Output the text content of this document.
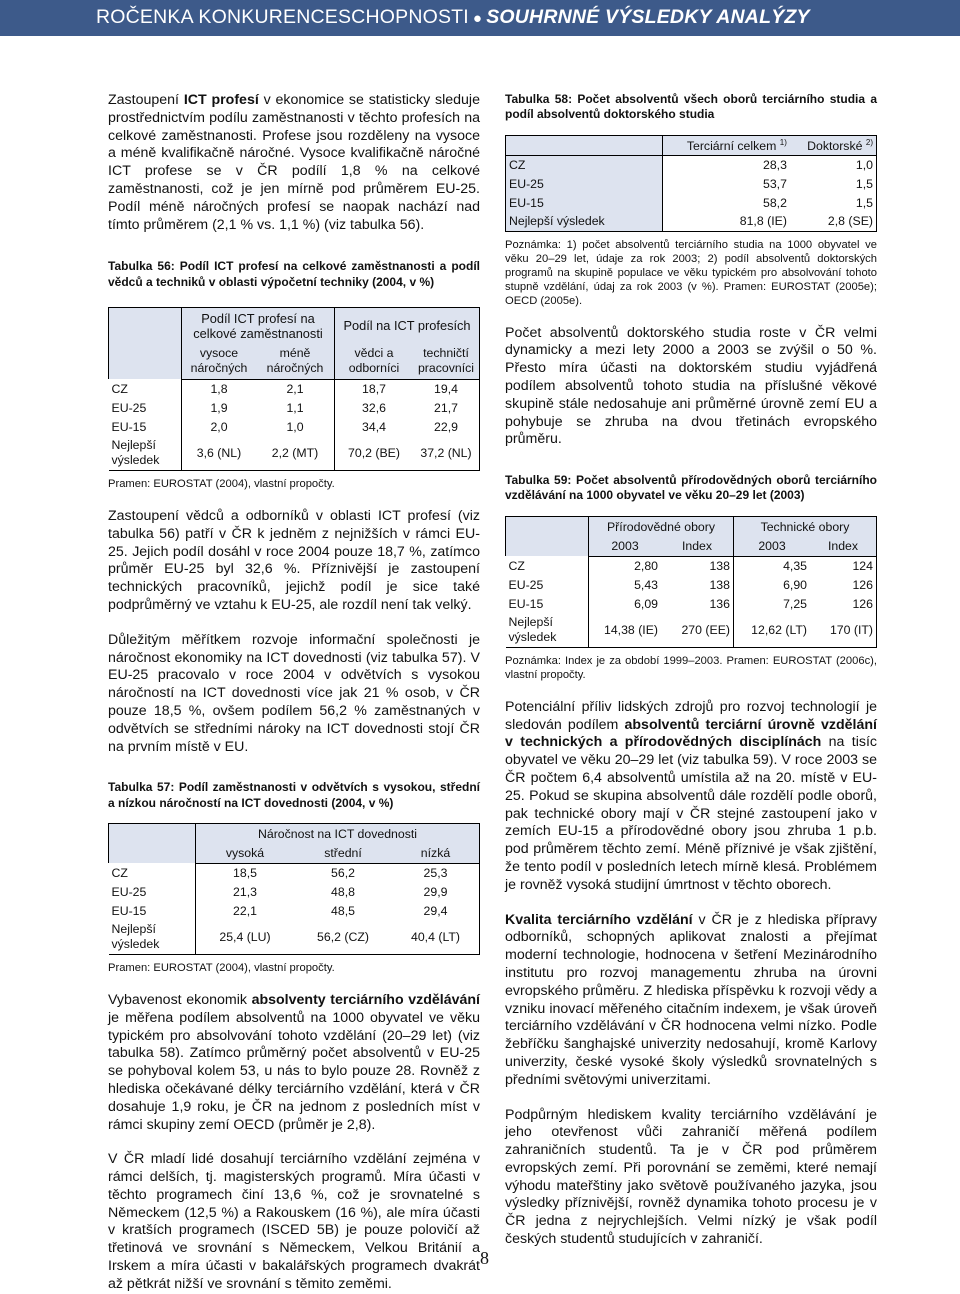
ROČENKA KONKURENCESCHOPNOSTI ● SOUHRNNÉ VÝSLEDKY ANALÝZY

Zastoupení ICT profesí v ekonomice se statisticky sleduje prostřednictvím podílu zaměstnanosti v těchto profesích na celkové zaměstnanosti. Profese jsou rozděleny na vysoce a méně kvalifikačně náročné. Vysoce kvalifikačně náročné ICT profese se v ČR podílí 1,8 % na celkové zaměstnanosti, což je jen mírně pod průměrem EU-25. Podíl méně náročných profesí se naopak nachází nad tímto průměrem (2,1 % vs. 1,1 %) (viz tabulka 56).

Tabulka 56: Podíl ICT profesí na celkové zaměstnanosti a podíl vědců a techniků v oblasti výpočetní techniky (2004, v %)

	Podíl ICT profesí na celkové zaměstnanosti		Podíl na ICT profesích	
	vysoce náročných	méně náročných	vědci a odborníci	techničtí pracovníci
CZ	1,8	2,1	18,7	19,4
EU-25	1,9	1,1	32,6	21,7
EU-15	2,0	1,0	34,4	22,9
Nejlepší výsledek	3,6 (NL)	2,2 (MT)	70,2 (BE)	37,2 (NL)

Pramen: EUROSTAT (2004), vlastní propočty.

Zastoupení vědců a odborníků v oblasti ICT profesí (viz tabulka 56) patří v ČR k jedněm z nejnižších v rámci EU-25. Jejich podíl dosáhl v roce 2004 pouze 18,7 %, zatímco průměr EU-25 byl 32,6 %. Příznivější je zastoupení technických pracovníků, jejichž podíl je sice také podprůměrný ve vztahu k EU-25, ale rozdíl není tak velký.

Důležitým měřítkem rozvoje informační společnosti je náročnost ekonomiky na ICT dovednosti (viz tabulka 57). V EU-25 pracovalo v roce 2004 v odvětvích s vysokou náročností na ICT dovednosti více jak 21 % osob, v ČR pouze 18,5 %, ovšem podílem 56,2 % zaměstnaných v odvětvích se středními nároky na ICT dovednosti stojí ČR na prvním místě v EU.

Tabulka 57: Podíl zaměstnanosti v odvětvích s vysokou, střední a nízkou náročností na ICT dovednosti (2004, v %)

	Náročnost na ICT dovednosti		
	vysoká	střední	nízká
CZ	18,5	56,2	25,3
EU-25	21,3	48,8	29,9
EU-15	22,1	48,5	29,4
Nejlepší výsledek	25,4 (LU)	56,2 (CZ)	40,4 (LT)

Pramen: EUROSTAT (2004), vlastní propočty.

Vybavenost ekonomik absolventy terciárního vzdělávání je měřena podílem absolventů na 1000 obyvatel ve věku typickém pro absolvování tohoto vzdělání (20–29 let) (viz tabulka 58). Zatímco průměrný počet absolventů v EU-25 se pohyboval kolem 53, u nás to bylo pouze 28. Rovněž z hlediska očekávané délky terciárního vzdělání, která v ČR dosahuje 1,9 roku, je ČR na jednom z posledních míst v rámci skupiny zemí OECD (průměr je 2,8).

V ČR mladí lidé dosahují terciárního vzdělání zejména v rámci delších, tj. magisterských programů. Míra účasti v těchto programech činí 13,6 %, což je srovnatelné s Německem (12,5 %) a Rakouskem (16 %), ale míra účasti v kratších programech (ISCED 5B) je pouze polovičí až třetinová ve srovnání s Německem, Velkou Británií a Irskem a míra účasti v bakalářských programech dvakrát až pětkrát nižší ve srovnání s těmito zeměmi.

Tabulka 58: Počet absolventů všech oborů terciárního studia a podíl absolventů doktorského studia

	Terciární celkem $^{1)}$	Doktorské $^{2)}$
CZ	28,3	1,0
EU-25	53,7	1,5
EU-15	58,2	1,5
Nejlepší výsledek	81,8 (IE)	2,8 (SE)

Poznámka: 1) počet absolventů terciárního studia na 1000 obyvatel ve věku 20–29 let, údaje za rok 2003; 2) podíl absolventů doktorských programů na skupině populace ve věku typickém pro absolvování tohoto stupně vzdělání, údaj za rok 2003 (v %). Pramen: EUROSTAT (2005e); OECD (2005e).

Počet absolventů doktorského studia roste v ČR velmi dynamicky a mezi lety 2000 a 2003 se zvýšil o 50 %. Přesto míra účasti na doktorském studiu vyjádřená podílem absolventů tohoto studia na příslušné věkové skupině stále nedosahuje ani průměrné úrovně zemí EU a pohybuje se zhruba na dvou třetinách evropského průměru.

Tabulka 59: Počet absolventů přírodovědných oborů terciárního vzdělávání na 1000 obyvatel ve věku 20–29 let (2003)

	Přírodovědné obory		Technické obory	
	2003	Index	2003	Index
CZ	2,80	138	4,35	124
EU-25	5,43	138	6,90	126
EU-15	6,09	136	7,25	126
Nejlepší výsledek	14,38 (IE)	270 (EE)	12,62 (LT)	170 (IT)

Poznámka: Index je za období 1999–2003. Pramen: EUROSTAT (2006c), vlastní propočty.

Potenciální příliv lidských zdrojů pro rozvoj technologií je sledován podílem absolventů terciární úrovně vzdělání v technických a přírodovědných disciplínách na tisíc obyvatel ve věku 20–29 let (viz tabulka 59). V roce 2003 se ČR počtem 6,4 absolventů umístila až na 20. místě v EU-25. Pokud se skupina absolventů dále rozdělí podle oborů, pak technické obory mají v ČR stejné zastoupení jako v zemích EU-15 a přírodovědné obory jsou zhruba 1 p.b. pod průměrem těchto zemí. Méně příznivé je však zjištění, že tento podíl v posledních letech mírně klesá. Problémem je rovněž vysoká studijní úmrtnost v těchto oborech.

Kvalita terciárního vzdělání v ČR je z hlediska přípravy odborníků, schopných aplikovat znalosti a přejímat moderní technologie, hodnocena v šetření Mezinárodního institutu pro rozvoj managementu zhruba na úrovni evropského průměru. Z hlediska příspěvku k rozvoji vědy a vzniku inovací měřeného citačním indexem, je však úroveň terciárního vzdělávání v ČR hodnocena velmi nízko. Podle žebříčku šanghajské univerzity nedosahují, kromě Karlovy univerzity, české vysoké školy výsledků srovnatelných s předními světovými univerzitami.

Podpůrným hlediskem kvality terciárního vzdělávání je jeho otevřenost vůči zahraničí měřená podílem zahraničních studentů. Ta je v ČR pod průměrem evropských zemí. Při porovnání se zeměmi, které nemají výhodu mateřštiny jako světově používaného jazyka, jsou výsledky příznivější, rovněž dynamika tohoto procesu je v ČR jedna z nejrychlejších. Velmi nízký je však podíl českých studentů studujících v zahraničí.

8
